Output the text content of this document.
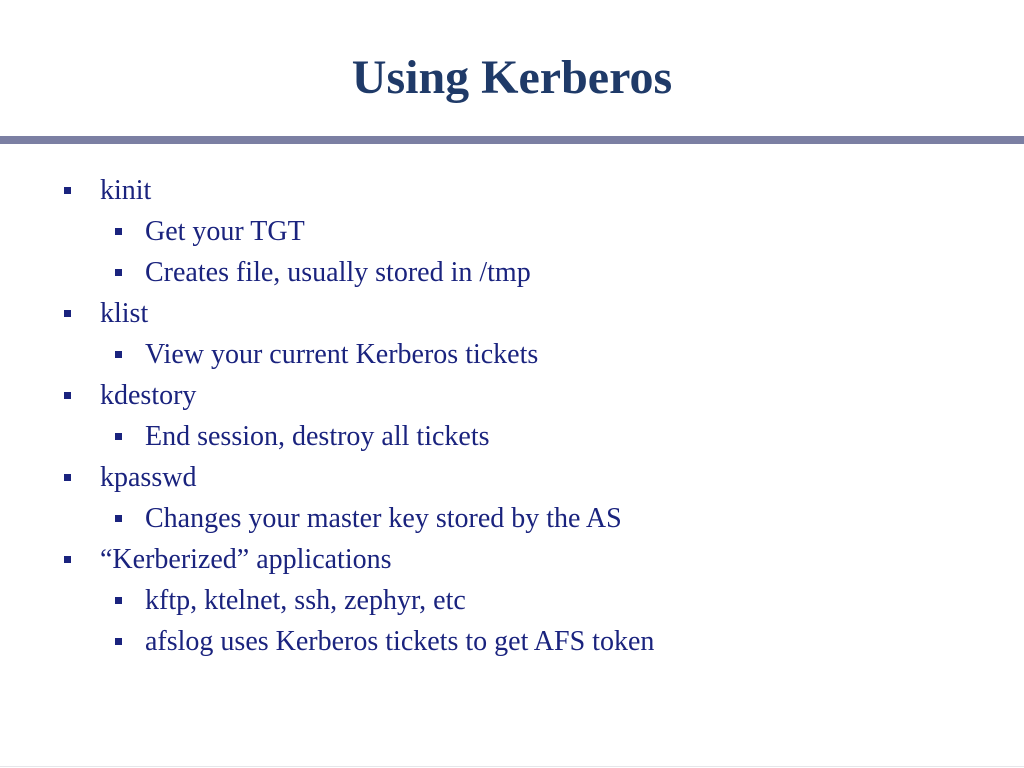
Using Kerberos
kinit
Get your TGT
Creates file, usually stored in /tmp
klist
View your current Kerberos tickets
kdestory
End session, destroy all tickets
kpasswd
Changes your master key stored by the AS
“Kerberized” applications
kftp, ktelnet, ssh, zephyr, etc
afslog uses Kerberos tickets to get AFS token
